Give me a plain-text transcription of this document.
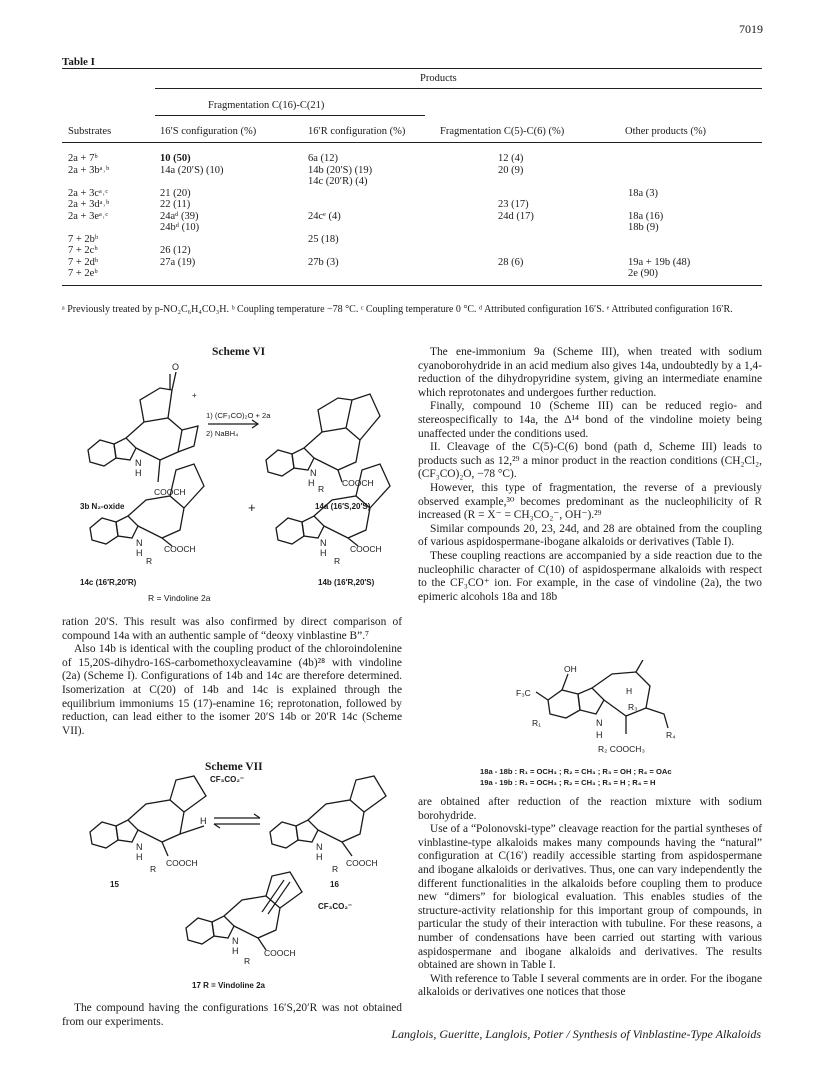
7019
Table I
Products
Fragmentation C(16)-C(21)
Substrates	16′S configuration (%)	16′R configuration (%)	Fragmentation C(5)-C(6) (%)	Other products (%)
2a + 7ᵇ	10 (50)	6a (12)	12 (4)	
2a + 3bᵃ˒ᵇ	14a (20′S) (10)	14b (20′S) (19)	20 (9)	
		14c (20′R) (4)		
2a + 3cᵃ˒ᶜ	21 (20)			18a (3)
2a + 3dᵃ˒ᵇ	22 (11)		23 (17)	
2a + 3eᵃ˒ᶜ	24aᵈ (39)	24cᵉ (4)	24d (17)	18a (16)
	24bᵈ (10)			18b (9)
7 + 2bᵇ		25 (18)		
7 + 2cᵇ	26 (12)			
7 + 2dᵇ	27a (19)	27b (3)	28 (6)	19a + 19b (48)
7 + 2eᵇ				2e (90)
ᵃ Previously treated by p-NO₂C₆H₄CO₃H. ᵇ Coupling temperature −78 °C. ᶜ Coupling temperature 0 °C. ᵈ Attributed configuration 16′S. ᵉ Attributed configuration 16′R.
Scheme VI
N
H
O
COOCH
+
1) (CF₃CO)₂O + 2a
2) NaBH₄
N
H	COOCH
R
+
N
H	COOCH
R
N
H	COOCH
R
3b N₂-oxide	14a (16′S,20′S)
14c (16′R,20′R)	14b (16′R,20′S)
R = Vindoline 2a

ration 20′S. This result was also confirmed by direct comparison of compound 14a with an authentic sample of “deoxy vinblastine B”.⁷

Also 14b is identical with the coupling product of the chloroindolenine of 15,20S-dihydro-16S-carbomethoxycleavamine (4b)²⁸ with vindoline (2a) (Scheme I). Configurations of 14b and 14c are therefore determined. Isomerization at C(20) of 14b and 14c is explained through the equilibrium immoniums 15 (17)-enamine 16; reprotonation, followed by reduction, can lead either to the isomer 20′S 14b or 20′R 14c (Scheme VII).

Scheme VII
N
H
H
COOCH
R
N
H
COOCH
R
N
H	COOCH
R
CF₃CO₂⁻
CF₃CO₂⁻
15	16
17 R = Vindoline 2a

The compound having the configurations 16′S,20′R was not obtained from our experiments.

The ene-immonium 9a (Scheme III), when treated with sodium cyanoborohydride in an acid medium also gives 14a, undoubtedly by a 1,4-reduction of the dihydropyridine system, giving an intermediate enamine which reprotonates and undergoes further reduction.

Finally, compound 10 (Scheme III) can be reduced regio- and stereospecifically to 14a, the Δ¹⁴ bond of the vindoline moiety being unaffected under the conditions used.

II. Cleavage of the C(5)-C(6) bond (path d, Scheme III) leads to products such as 12,²⁹ a minor product in the reaction conditions (CH₂Cl₂, (CF₃CO)₂O, −78 °C).

However, this type of fragmentation, the reverse of a previously observed example,³⁰ becomes predominant as the nucleophilicity of R increased (R = X⁻ = CH₃CO₂⁻, OH⁻).²⁹

Similar compounds 20, 23, 24d, and 28 are obtained from the coupling of various aspidospermane-ibogane alkaloids or derivatives (Table I).

These coupling reactions are accompanied by a side reaction due to the nucleophilic character of C(10) of aspidospermane alkaloids with respect to the CF₃CO⁺ ion. For example, in the case of vindoline (2a), the two epimeric alcohols 18a and 18b

OH
F₃C	H
R₃
R₁	N
H	R₄
R₂ COOCH₃
18a - 18b : R₁ = OCH₃ ; R₂ = CH₃ ; R₃ = OH ; R₄ = OAc
19a - 19b : R₁ = OCH₃ ; R₂ = CH₃ ; R₃ = H ; R₄ = H

are obtained after reduction of the reaction mixture with sodium borohydride.

Use of a “Polonovski-type” cleavage reaction for the partial syntheses of vinblastine-type alkaloids makes many compounds having the “natural” configuration at C(16′) readily accessible starting from aspidospermane and ibogane alkaloids or derivatives. Thus, one can vary independently the different functionalities in the alkaloids before coupling them to produce new “dimers” for biological evaluation. This enables studies of the structure-activity relationship for this important group of compounds, in particular the study of their interaction with tubuline. For these reasons, a number of condensations have been carried out starting with various aspidospermane and ibogane alkaloids and derivatives. The results obtained are shown in Table I.

With reference to Table I several comments are in order. For the ibogane alkaloids or derivatives one notices that those

Langlois, Gueritte, Langlois, Potier / Synthesis of Vinblastine-Type Alkaloids
